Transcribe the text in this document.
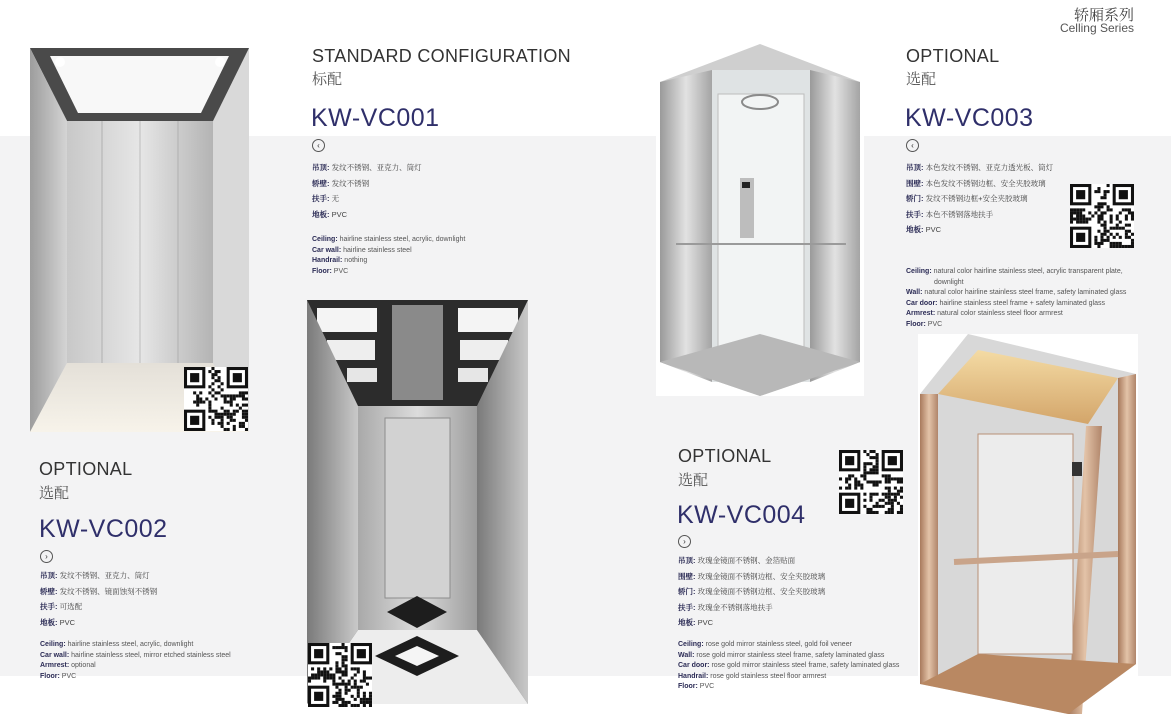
轿厢系列
Celling Series
STANDARD CONFIGURATION
标配
KW-VC001
‹
吊顶: 发纹不锈钢、亚克力、筒灯
轿壁: 发纹不锈钢
扶手: 无
地板: PVC
Ceiling: hairline stainless steel, acrylic, downlight
Car wall: hairline stainless steel
Handrail: nothing
Floor: PVC
OPTIONAL
选配
KW-VC002
›
吊顶: 发纹不锈钢、亚克力、筒灯
轿壁: 发纹不锈钢、镜面蚀刻不锈钢
扶手: 可选配
地板: PVC
Ceiling: hairline stainless steel, acrylic, downlight
Car wall: hairline stainless steel, mirror etched stainless steel
Armrest: optional
Floor: PVC
OPTIONAL
选配
KW-VC003
‹
吊顶: 本色发纹不锈钢、亚克力透光板、筒灯
围壁: 本色发纹不锈钢边框、安全夹胶玻璃
轿门: 发纹不锈钢边框+安全夹胶玻璃
扶手: 本色不锈钢落地扶手
地板: PVC
Ceiling: natural color hairline stainless steel, acrylic transparent plate,
downlight
Wall: natural color hairline stainless steel frame, safety laminated glass
Car door: hairline stainless steel frame + safety laminated glass
Armrest: natural color stainless steel floor armrest
Floor: PVC
OPTIONAL
选配
KW-VC004
›
吊顶: 玫瑰金镜面不锈钢、金箔贴面
围壁: 玫瑰金镜面不锈钢边框、安全夹胶玻璃
轿门: 玫瑰金镜面不锈钢边框、安全夹胶玻璃
扶手: 玫瑰金不锈钢落地扶手
地板: PVC
Ceiling: rose gold mirror stainless steel, gold foil veneer
Wall: rose gold mirror stainless steel frame, safety laminated glass
Car door: rose gold mirror stainless steel frame, safety laminated glass
Handrail: rose gold stainless steel floor armrest
Floor: PVC
